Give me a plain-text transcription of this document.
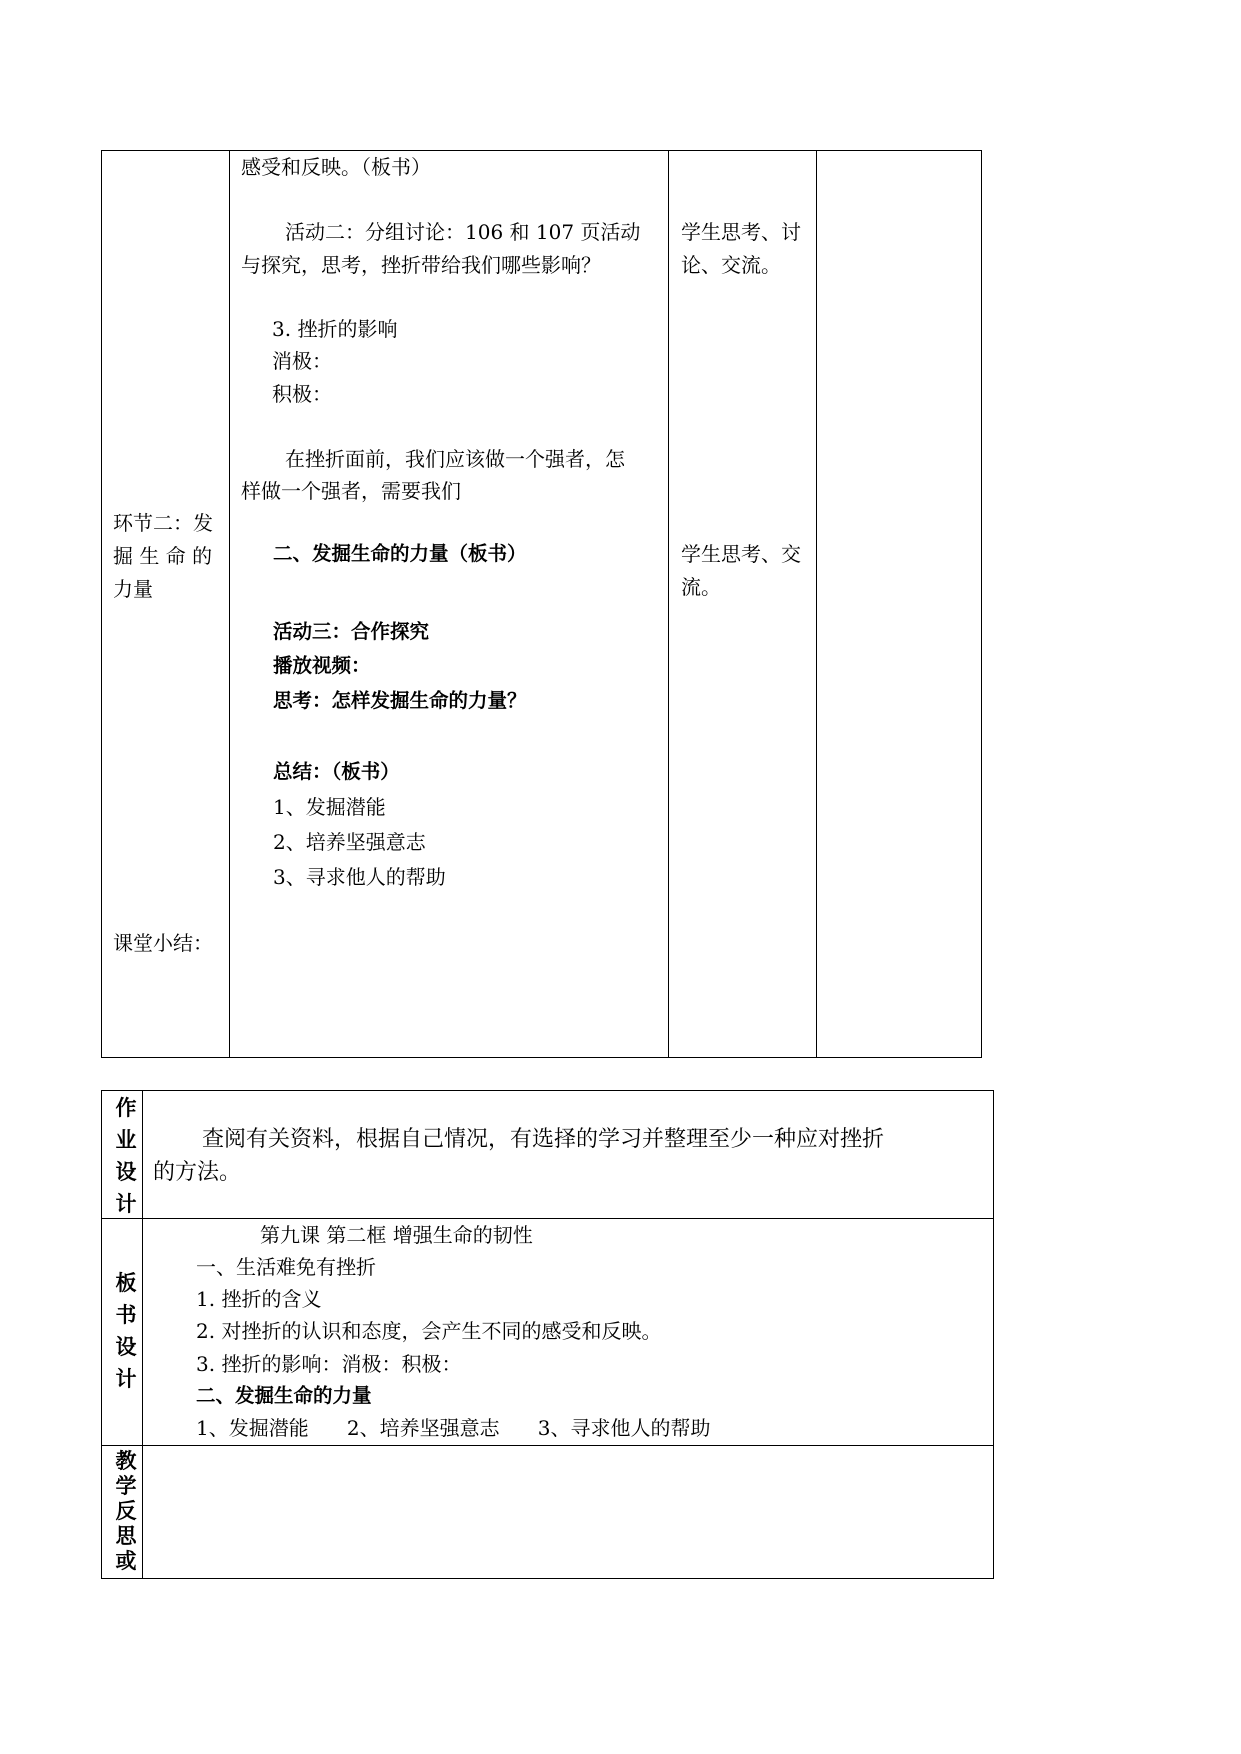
环节二：发
掘 生 命 的
力量
课堂小结：
感受和反映。（板书）
活动二：分组讨论：106 和 107 页活动
与探究，思考，挫折带给我们哪些影响？
3. 挫折的影响
消极：
积极：
在挫折面前，我们应该做一个强者，怎
样做一个强者，需要我们
二、发掘生命的力量（板书）
活动三：合作探究
播放视频：
思考：怎样发掘生命的力量？
总结：（板书）
1、发掘潜能
2、培养坚强意志
3、寻求他人的帮助
学生思考、讨
论、交流。
学生思考、交
流。
作
业
设
计
查阅有关资料，根据自己情况，有选择的学习并整理至少一种应对挫折
的方法。
板
书
设
计
第九课 第二框 增强生命的韧性
一、生活难免有挫折
1. 挫折的含义
2. 对挫折的认识和态度，会产生不同的感受和反映。
3. 挫折的影响：消极：积极：
二、发掘生命的力量
1、发掘潜能      2、培养坚强意志      3、寻求他人的帮助
教
学
反
思
或
